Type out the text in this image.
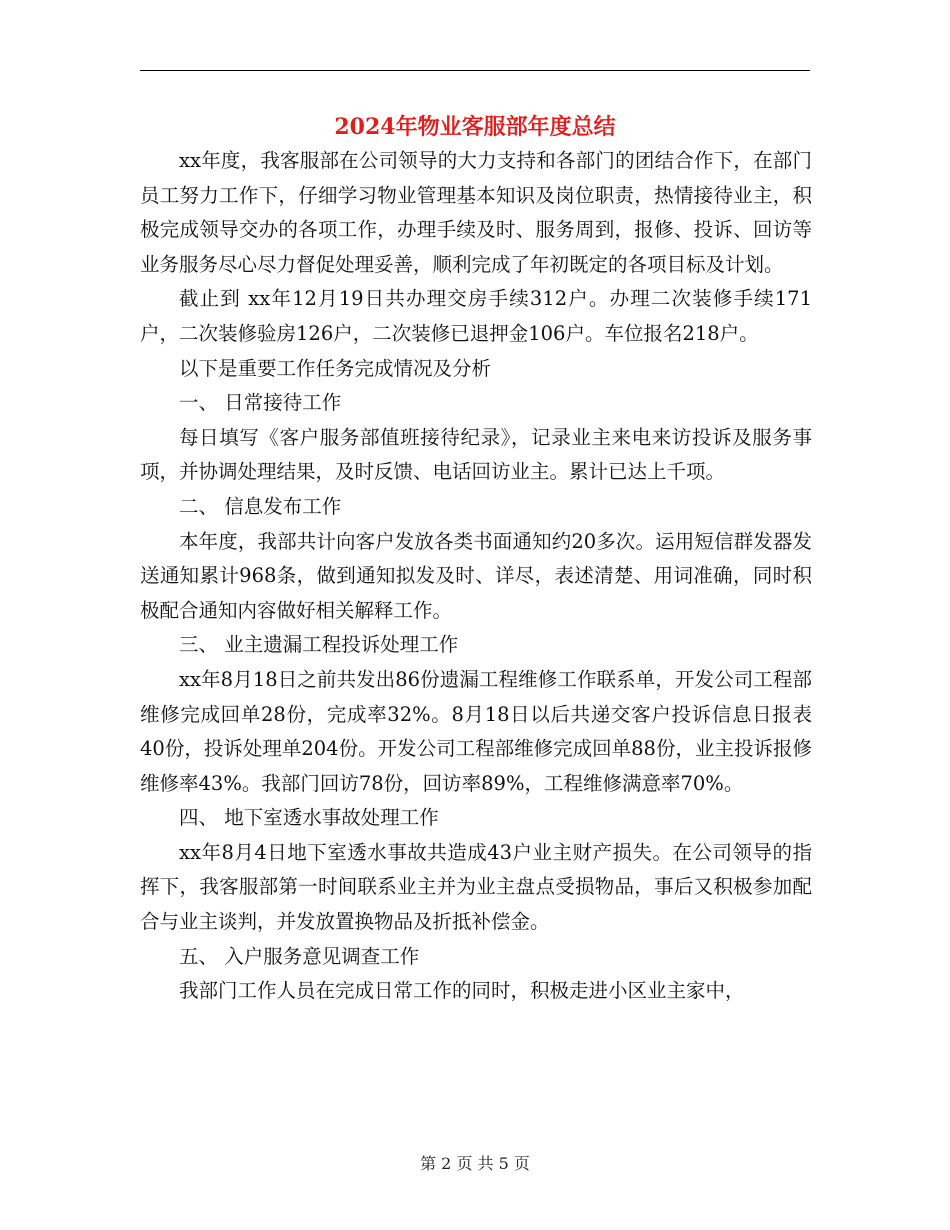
2024年物业客服部年度总结

xx年度，我客服部在公司领导的大力支持和各部门的团结合作下，在部门员工努力工作下，仔细学习物业管理基本知识及岗位职责，热情接待业主，积极完成领导交办的各项工作，办理手续及时、服务周到，报修、投诉、回访等业务服务尽心尽力督促处理妥善，顺利完成了年初既定的各项目标及计划。

截止到 xx年12月19日共办理交房手续312户。办理二次装修手续171户，二次装修验房126户，二次装修已退押金106户。车位报名218户。

以下是重要工作任务完成情况及分析

一、 日常接待工作

每日填写《客户服务部值班接待纪录》，记录业主来电来访投诉及服务事项，并协调处理结果，及时反馈、电话回访业主。累计已达上千项。

二、 信息发布工作

本年度，我部共计向客户发放各类书面通知约20多次。运用短信群发器发送通知累计968条，做到通知拟发及时、详尽，表述清楚、用词准确，同时积极配合通知内容做好相关解释工作。

三、 业主遗漏工程投诉处理工作

xx年8月18日之前共发出86份遗漏工程维修工作联系单，开发公司工程部维修完成回单28份，完成率32%。8月18日以后共递交客户投诉信息日报表40份，投诉处理单204份。开发公司工程部维修完成回单88份，业主投诉报修维修率43%。我部门回访78份，回访率89%，工程维修满意率70%。

四、 地下室透水事故处理工作

xx年8月4日地下室透水事故共造成43户业主财产损失。在公司领导的指挥下，我客服部第一时间联系业主并为业主盘点受损物品，事后又积极参加配合与业主谈判，并发放置换物品及折抵补偿金。

五、 入户服务意见调查工作

我部门工作人员在完成日常工作的同时，积极走进小区业主家中，

第 2 页 共 5 页
